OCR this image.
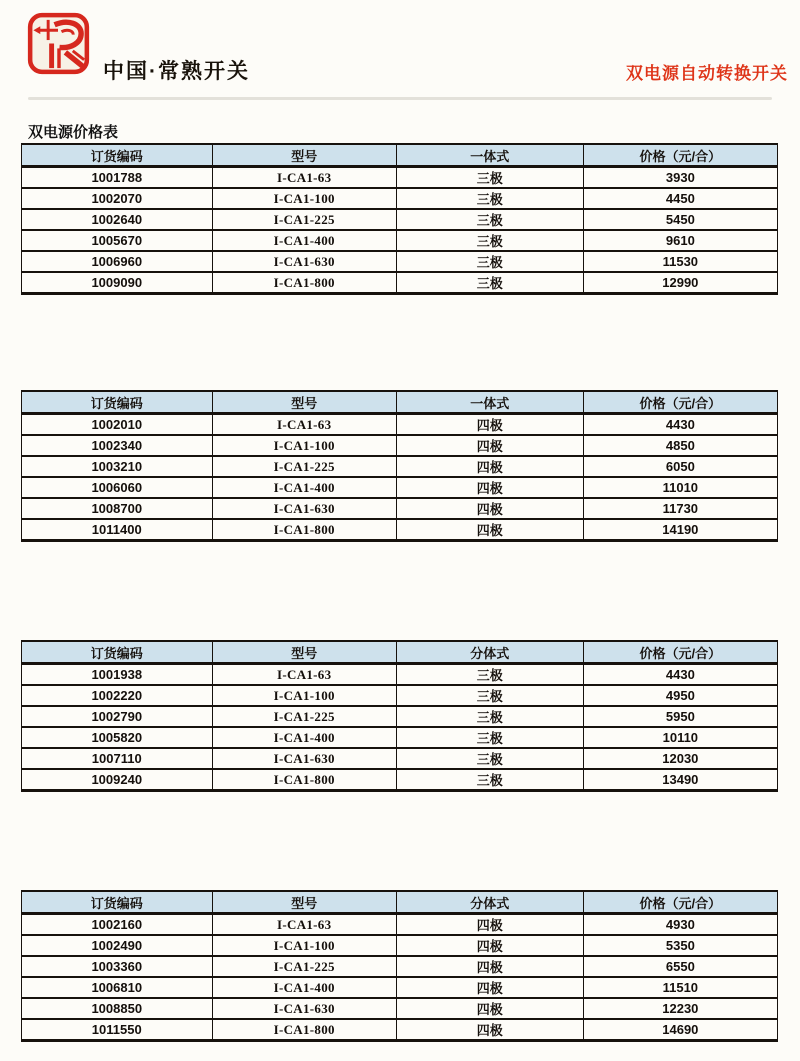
中国·常熟开关	双电源自动转换开关
双电源价格表
订货编码	型号	一体式	价格（元/合）
1001788	I-CA1-63	三极	3930
1002070	I-CA1-100	三极	4450
1002640	I-CA1-225	三极	5450
1005670	I-CA1-400	三极	9610
1006960	I-CA1-630	三极	11530
1009090	I-CA1-800	三极	12990
订货编码	型号	一体式	价格（元/合）
1002010	I-CA1-63	四极	4430
1002340	I-CA1-100	四极	4850
1003210	I-CA1-225	四极	6050
1006060	I-CA1-400	四极	11010
1008700	I-CA1-630	四极	11730
1011400	I-CA1-800	四极	14190
订货编码	型号	分体式	价格（元/合）
1001938	I-CA1-63	三极	4430
1002220	I-CA1-100	三极	4950
1002790	I-CA1-225	三极	5950
1005820	I-CA1-400	三极	10110
1007110	I-CA1-630	三极	12030
1009240	I-CA1-800	三极	13490
订货编码	型号	分体式	价格（元/合）
1002160	I-CA1-63	四极	4930
1002490	I-CA1-100	四极	5350
1003360	I-CA1-225	四极	6550
1006810	I-CA1-400	四极	11510
1008850	I-CA1-630	四极	12230
1011550	I-CA1-800	四极	14690
